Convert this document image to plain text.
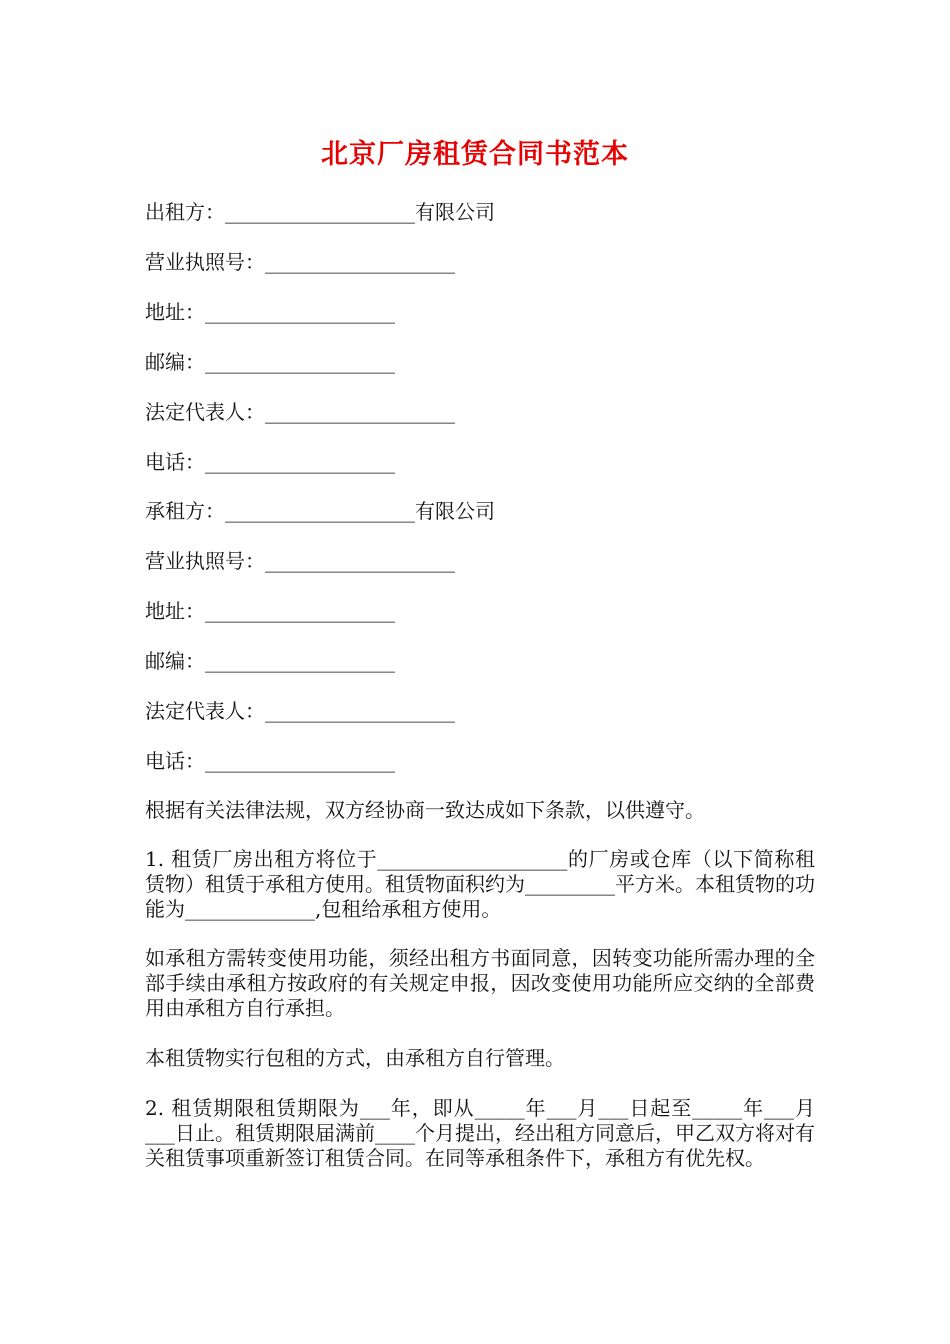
北京厂房租赁合同书范本
出租方：___________________有限公司
营业执照号：___________________
地址：___________________
邮编：___________________
法定代表人：___________________
电话：___________________
承租方：___________________有限公司
营业执照号：___________________
地址：___________________
邮编：___________________
法定代表人：___________________
电话：___________________
根据有关法律法规，双方经协商一致达成如下条款，以供遵守。
1. 租赁厂房出租方将位于___________________的厂房或仓库（以下简称租赁物）租赁于承租方使用。租赁物面积约为_________平方米。本租赁物的功能为_____________,包租给承租方使用。
如承租方需转变使用功能，须经出租方书面同意，因转变功能所需办理的全部手续由承租方按政府的有关规定申报，因改变使用功能所应交纳的全部费用由承租方自行承担。
本租赁物实行包租的方式，由承租方自行管理。
2. 租赁期限租赁期限为___年，即从_____年___月___日起至_____年___月___日止。租赁期限届满前____个月提出，经出租方同意后，甲乙双方将对有关租赁事项重新签订租赁合同。在同等承租条件下，承租方有优先权。
